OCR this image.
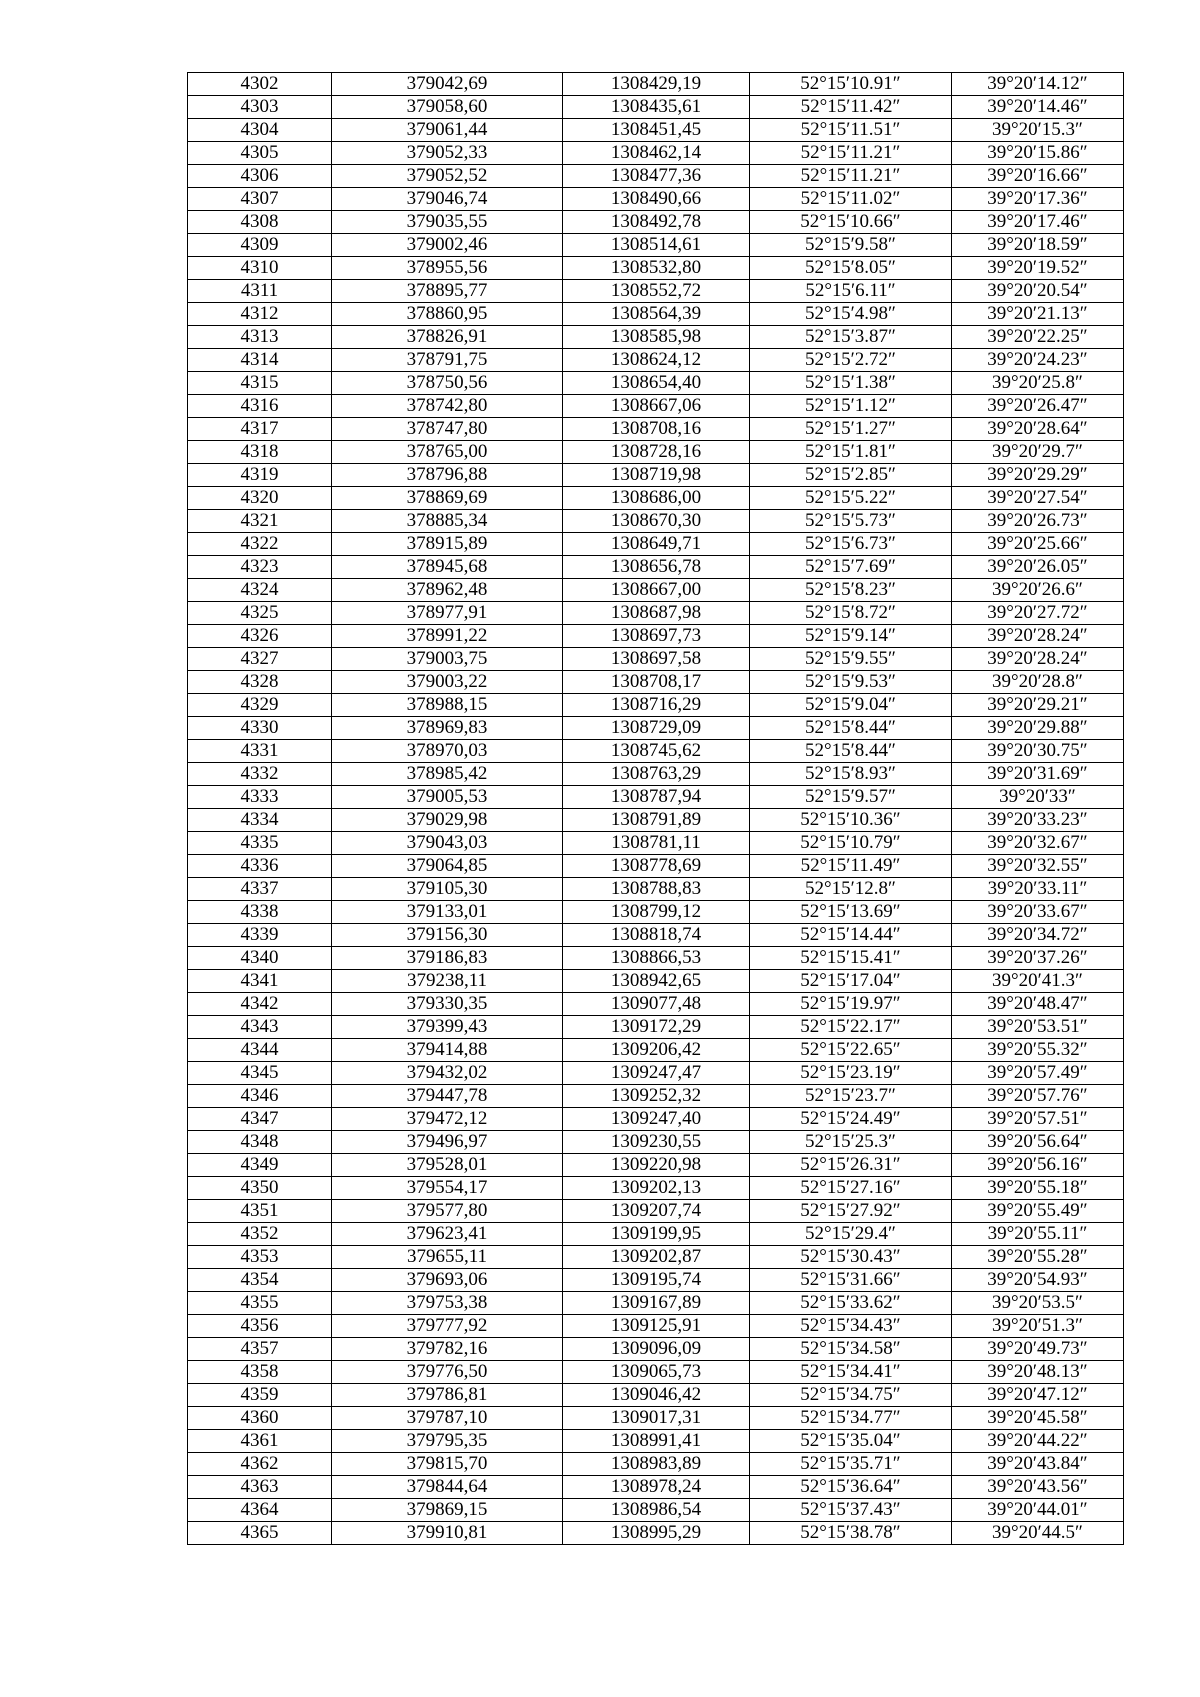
4302	379042,69	1308429,19	52°15′10.91″	39°20′14.12″
4303	379058,60	1308435,61	52°15′11.42″	39°20′14.46″
4304	379061,44	1308451,45	52°15′11.51″	39°20′15.3″
4305	379052,33	1308462,14	52°15′11.21″	39°20′15.86″
4306	379052,52	1308477,36	52°15′11.21″	39°20′16.66″
4307	379046,74	1308490,66	52°15′11.02″	39°20′17.36″
4308	379035,55	1308492,78	52°15′10.66″	39°20′17.46″
4309	379002,46	1308514,61	52°15′9.58″	39°20′18.59″
4310	378955,56	1308532,80	52°15′8.05″	39°20′19.52″
4311	378895,77	1308552,72	52°15′6.11″	39°20′20.54″
4312	378860,95	1308564,39	52°15′4.98″	39°20′21.13″
4313	378826,91	1308585,98	52°15′3.87″	39°20′22.25″
4314	378791,75	1308624,12	52°15′2.72″	39°20′24.23″
4315	378750,56	1308654,40	52°15′1.38″	39°20′25.8″
4316	378742,80	1308667,06	52°15′1.12″	39°20′26.47″
4317	378747,80	1308708,16	52°15′1.27″	39°20′28.64″
4318	378765,00	1308728,16	52°15′1.81″	39°20′29.7″
4319	378796,88	1308719,98	52°15′2.85″	39°20′29.29″
4320	378869,69	1308686,00	52°15′5.22″	39°20′27.54″
4321	378885,34	1308670,30	52°15′5.73″	39°20′26.73″
4322	378915,89	1308649,71	52°15′6.73″	39°20′25.66″
4323	378945,68	1308656,78	52°15′7.69″	39°20′26.05″
4324	378962,48	1308667,00	52°15′8.23″	39°20′26.6″
4325	378977,91	1308687,98	52°15′8.72″	39°20′27.72″
4326	378991,22	1308697,73	52°15′9.14″	39°20′28.24″
4327	379003,75	1308697,58	52°15′9.55″	39°20′28.24″
4328	379003,22	1308708,17	52°15′9.53″	39°20′28.8″
4329	378988,15	1308716,29	52°15′9.04″	39°20′29.21″
4330	378969,83	1308729,09	52°15′8.44″	39°20′29.88″
4331	378970,03	1308745,62	52°15′8.44″	39°20′30.75″
4332	378985,42	1308763,29	52°15′8.93″	39°20′31.69″
4333	379005,53	1308787,94	52°15′9.57″	39°20′33″
4334	379029,98	1308791,89	52°15′10.36″	39°20′33.23″
4335	379043,03	1308781,11	52°15′10.79″	39°20′32.67″
4336	379064,85	1308778,69	52°15′11.49″	39°20′32.55″
4337	379105,30	1308788,83	52°15′12.8″	39°20′33.11″
4338	379133,01	1308799,12	52°15′13.69″	39°20′33.67″
4339	379156,30	1308818,74	52°15′14.44″	39°20′34.72″
4340	379186,83	1308866,53	52°15′15.41″	39°20′37.26″
4341	379238,11	1308942,65	52°15′17.04″	39°20′41.3″
4342	379330,35	1309077,48	52°15′19.97″	39°20′48.47″
4343	379399,43	1309172,29	52°15′22.17″	39°20′53.51″
4344	379414,88	1309206,42	52°15′22.65″	39°20′55.32″
4345	379432,02	1309247,47	52°15′23.19″	39°20′57.49″
4346	379447,78	1309252,32	52°15′23.7″	39°20′57.76″
4347	379472,12	1309247,40	52°15′24.49″	39°20′57.51″
4348	379496,97	1309230,55	52°15′25.3″	39°20′56.64″
4349	379528,01	1309220,98	52°15′26.31″	39°20′56.16″
4350	379554,17	1309202,13	52°15′27.16″	39°20′55.18″
4351	379577,80	1309207,74	52°15′27.92″	39°20′55.49″
4352	379623,41	1309199,95	52°15′29.4″	39°20′55.11″
4353	379655,11	1309202,87	52°15′30.43″	39°20′55.28″
4354	379693,06	1309195,74	52°15′31.66″	39°20′54.93″
4355	379753,38	1309167,89	52°15′33.62″	39°20′53.5″
4356	379777,92	1309125,91	52°15′34.43″	39°20′51.3″
4357	379782,16	1309096,09	52°15′34.58″	39°20′49.73″
4358	379776,50	1309065,73	52°15′34.41″	39°20′48.13″
4359	379786,81	1309046,42	52°15′34.75″	39°20′47.12″
4360	379787,10	1309017,31	52°15′34.77″	39°20′45.58″
4361	379795,35	1308991,41	52°15′35.04″	39°20′44.22″
4362	379815,70	1308983,89	52°15′35.71″	39°20′43.84″
4363	379844,64	1308978,24	52°15′36.64″	39°20′43.56″
4364	379869,15	1308986,54	52°15′37.43″	39°20′44.01″
4365	379910,81	1308995,29	52°15′38.78″	39°20′44.5″
